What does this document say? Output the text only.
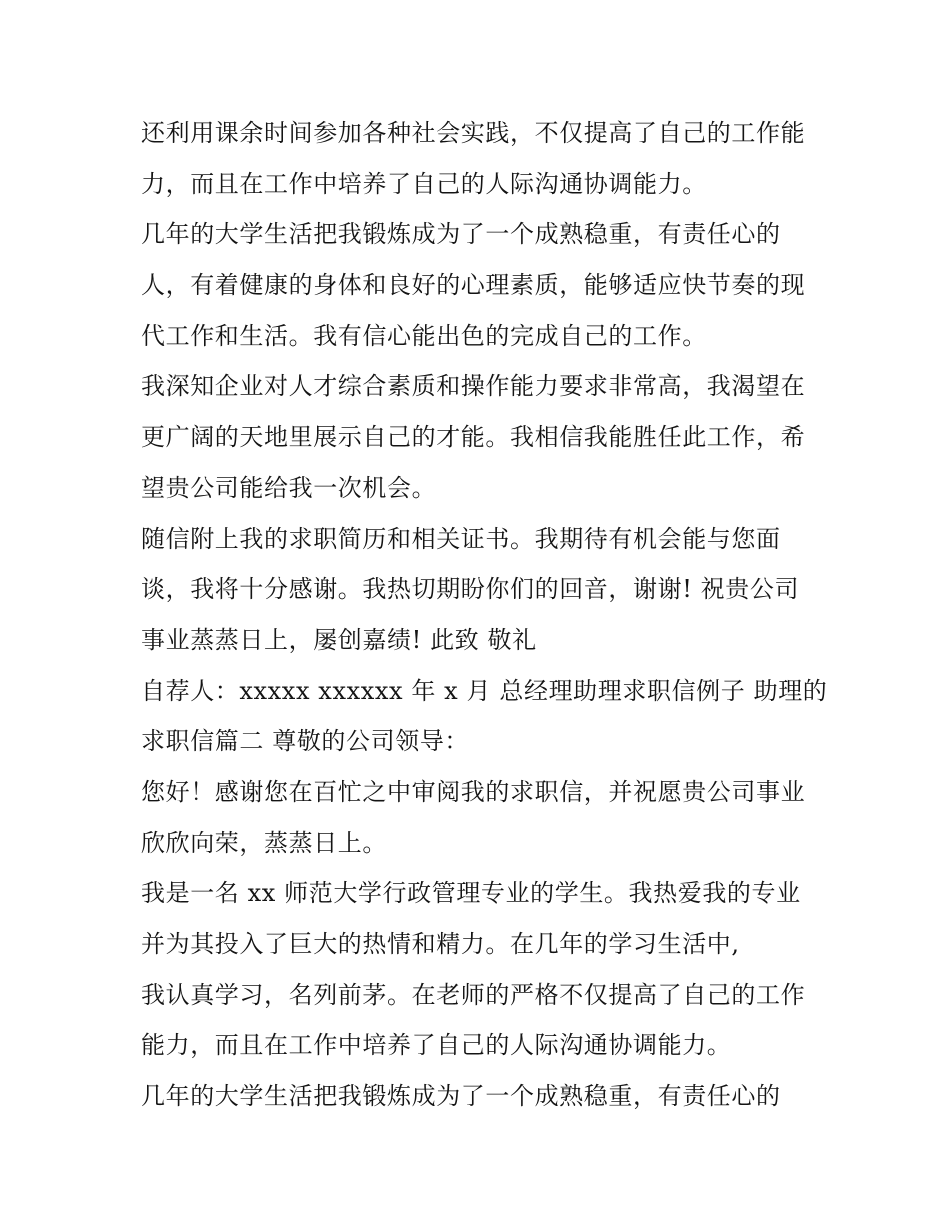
还利用课余时间参加各种社会实践，不仅提高了自己的工作能
力，而且在工作中培养了自己的人际沟通协调能力。
几年的大学生活把我锻炼成为了一个成熟稳重，有责任心的
人，有着健康的身体和良好的心理素质，能够适应快节奏的现
代工作和生活。我有信心能出色的完成自己的工作。
我深知企业对人才综合素质和操作能力要求非常高，我渴望在
更广阔的天地里展示自己的才能。我相信我能胜任此工作，希
望贵公司能给我一次机会。
随信附上我的求职简历和相关证书。我期待有机会能与您面
谈，我将十分感谢。我热切期盼你们的回音，谢谢! 祝贵公司
事业蒸蒸日上，屡创嘉绩! 此致 敬礼
自荐人：xxxxx xxxxxx 年 x 月 总经理助理求职信例子 助理的
求职信篇二 尊敬的公司领导：
您好！感谢您在百忙之中审阅我的求职信，并祝愿贵公司事业
欣欣向荣，蒸蒸日上。
我是一名 xx 师范大学行政管理专业的学生。我热爱我的专业
并为其投入了巨大的热情和精力。在几年的学习生活中,
我认真学习，名列前茅。在老师的严格不仅提高了自己的工作
能力，而且在工作中培养了自己的人际沟通协调能力。
几年的大学生活把我锻炼成为了一个成熟稳重，有责任心的
